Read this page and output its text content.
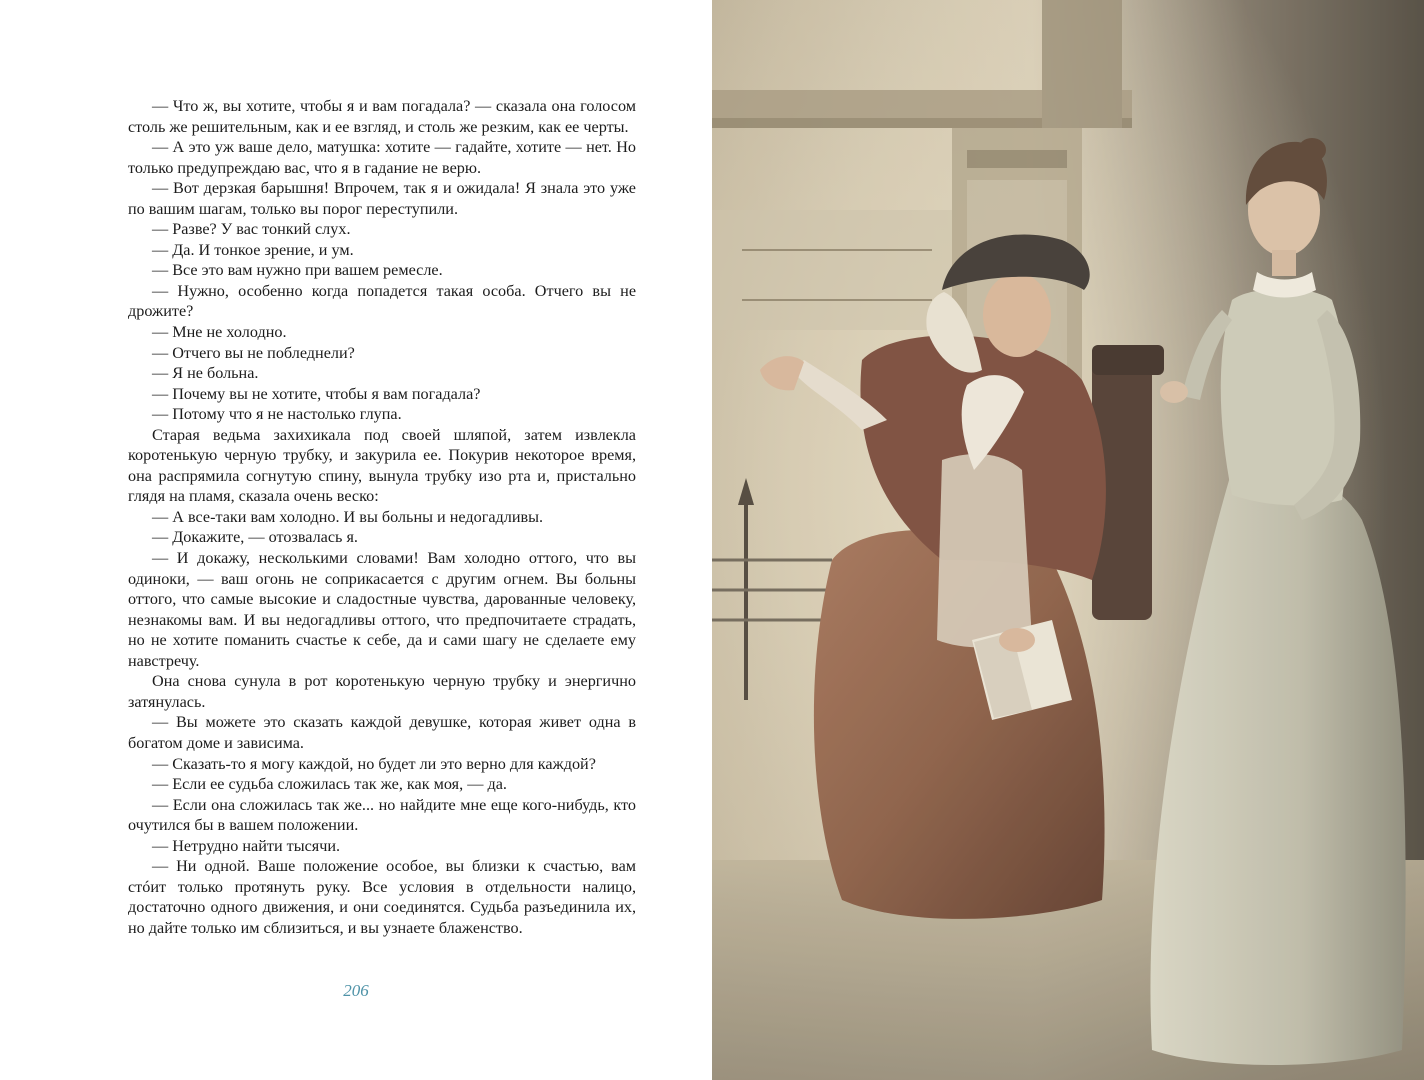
— Что ж, вы хотите, чтобы я и вам погадала? — сказала она голосом столь же решительным, как и ее взгляд, и столь же резким, как ее черты.

— А это уж ваше дело, матушка: хотите — гадайте, хотите — нет. Но только предупреждаю вас, что я в гадание не верю.

— Вот дерзкая барышня! Впрочем, так я и ожидала! Я знала это уже по вашим шагам, только вы порог переступили.

— Разве? У вас тонкий слух.

— Да. И тонкое зрение, и ум.

— Все это вам нужно при вашем ремесле.

— Нужно, особенно когда попадется такая особа. Отчего вы не дрожите?

— Мне не холодно.

— Отчего вы не побледнели?

— Я не больна.

— Почему вы не хотите, чтобы я вам погадала?

— Потому что я не настолько глупа.

Старая ведьма захихикала под своей шляпой, затем извлекла коротенькую черную трубку, и закурила ее. Покурив некоторое время, она распрямила согнутую спину, вынула трубку изо рта и, пристально глядя на пламя, сказала очень веско:

— А все-таки вам холодно. И вы больны и недогадливы.

— Докажите, — отозвалась я.

— И докажу, несколькими словами! Вам холодно оттого, что вы одиноки, — ваш огонь не соприкасается с другим огнем. Вы больны оттого, что самые высокие и сладостные чувства, дарованные человеку, незнакомы вам. И вы недогадливы оттого, что предпочитаете страдать, но не хотите поманить счастье к себе, да и сами шагу не сделаете ему навстречу.

Она снова сунула в рот коротенькую черную трубку и энергично затянулась.

— Вы можете это сказать каждой девушке, которая живет одна в богатом доме и зависима.

— Сказать-то я могу каждой, но будет ли это верно для каждой?

— Если ее судьба сложилась так же, как моя, — да.

— Если она сложилась так же... но найдите мне еще кого-нибудь, кто очутился бы в вашем положении.

— Нетрудно найти тысячи.

— Ни одной. Ваше положение особое, вы близки к счастью, вам стóит только протянуть руку. Все условия в отдельности налицо, достаточно одного движения, и они соединятся. Судьба разъединила их, но дайте только им сблизиться, и вы узнаете блаженство.

206
